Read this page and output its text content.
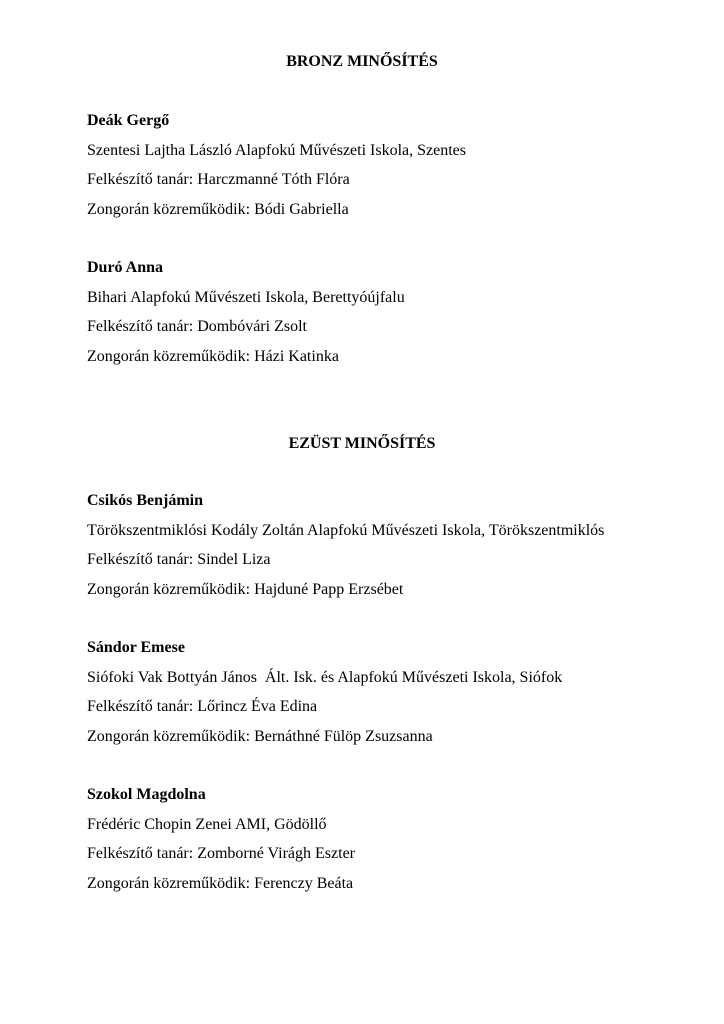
BRONZ MINŐSÍTÉS
Deák Gergő
Szentesi Lajtha László Alapfokú Művészeti Iskola, Szentes
Felkészítő tanár: Harczmanné Tóth Flóra
Zongorán közreműködik: Bódi Gabriella
Duró Anna
Bihari Alapfokú Művészeti Iskola, Berettyóújfalu
Felkészítő tanár: Dombóvári Zsolt
Zongorán közreműködik: Házi Katinka
EZÜST MINŐSÍTÉS
Csikós Benjámin
Törökszentmiklósi Kodály Zoltán Alapfokú Művészeti Iskola, Törökszentmiklós
Felkészítő tanár: Sindel Liza
Zongorán közreműködik: Hajduné Papp Erzsébet
Sándor Emese
Siófoki Vak Bottyán János  Ált. Isk. és Alapfokú Művészeti Iskola, Siófok
Felkészítő tanár: Lőrincz Éva Edina
Zongorán közreműködik: Bernáthné Fülöp Zsuzsanna
Szokol Magdolna
Frédéric Chopin Zenei AMI, Gödöllő
Felkészítő tanár: Zomborné Virágh Eszter
Zongorán közreműködik: Ferenczy Beáta
